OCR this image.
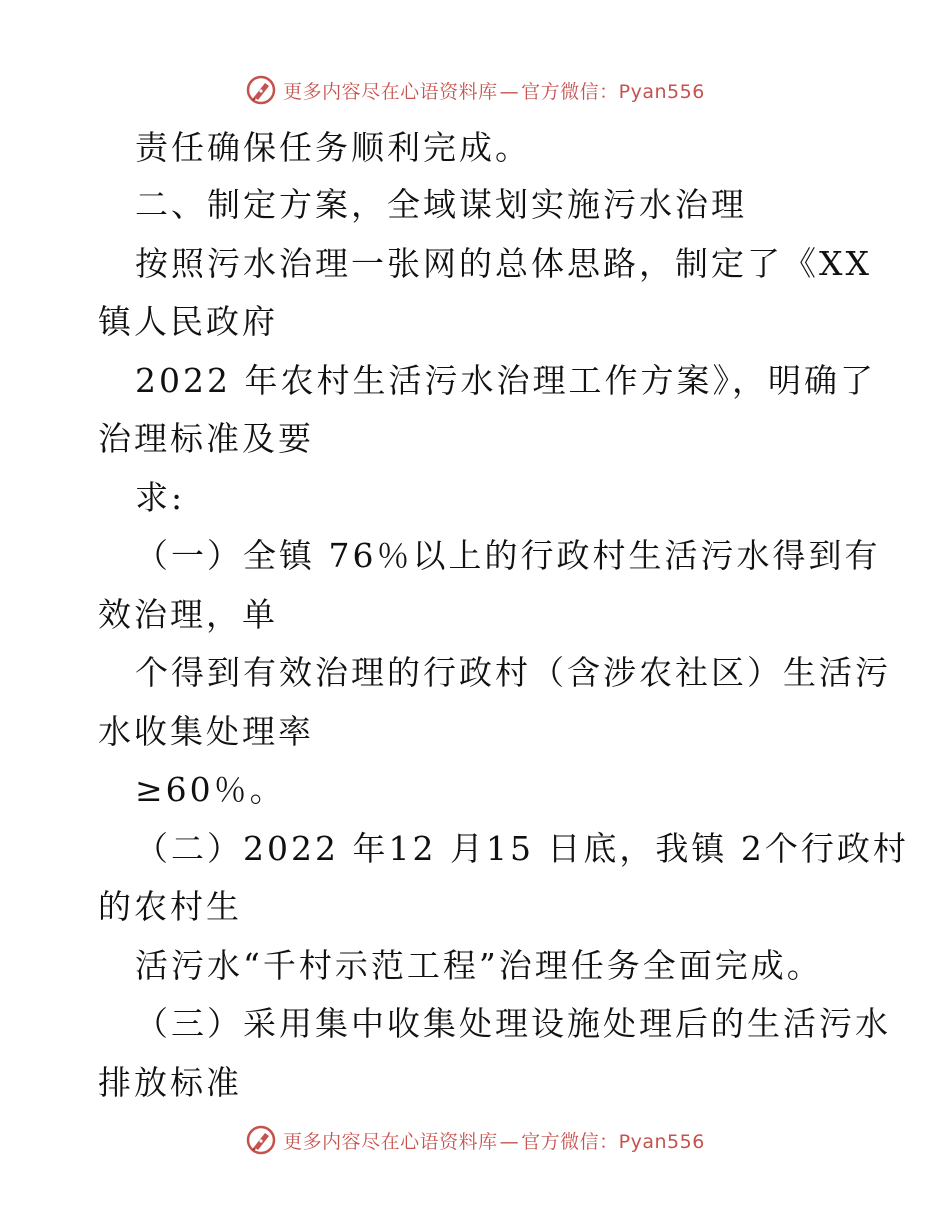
更多内容尽在心语资料库 — 官方微信：Pyan556
责任确保任务顺利完成。
二、制定方案，全域谋划实施污水治理
按照污水治理一张网的总体思路，制定了《XX
镇人民政府
2022 年农村生活污水治理工作方案》，明确了
治理标准及要
求:
（一）全镇 76％以上的行政村生活污水得到有
效治理，单
个得到有效治理的行政村（含涉农社区）生活污
水收集处理率
≥60％。
（二）2022 年12 月15 日底，我镇 2个行政村
的农村生
活污水“千村示范工程”治理任务全面完成。
（三）采用集中收集处理设施处理后的生活污水
排放标准
更多内容尽在心语资料库 — 官方微信：Pyan556
